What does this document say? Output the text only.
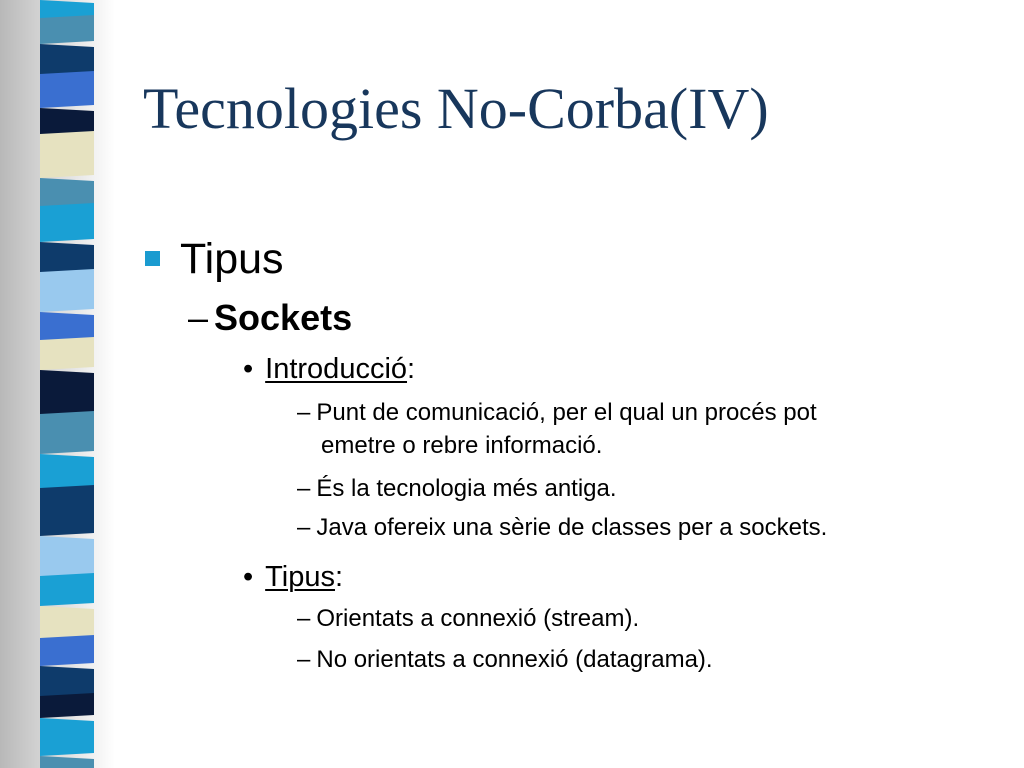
Tecnologies No-Corba(IV)
Tipus
– Sockets
• Introducció:
– Punt de comunicació, per el qual un procés pot
emetre o rebre informació.
– És la tecnologia més antiga.
– Java ofereix una sèrie de classes per a sockets.
• Tipus:
– Orientats a connexió (stream).
– No orientats a connexió (datagrama).
